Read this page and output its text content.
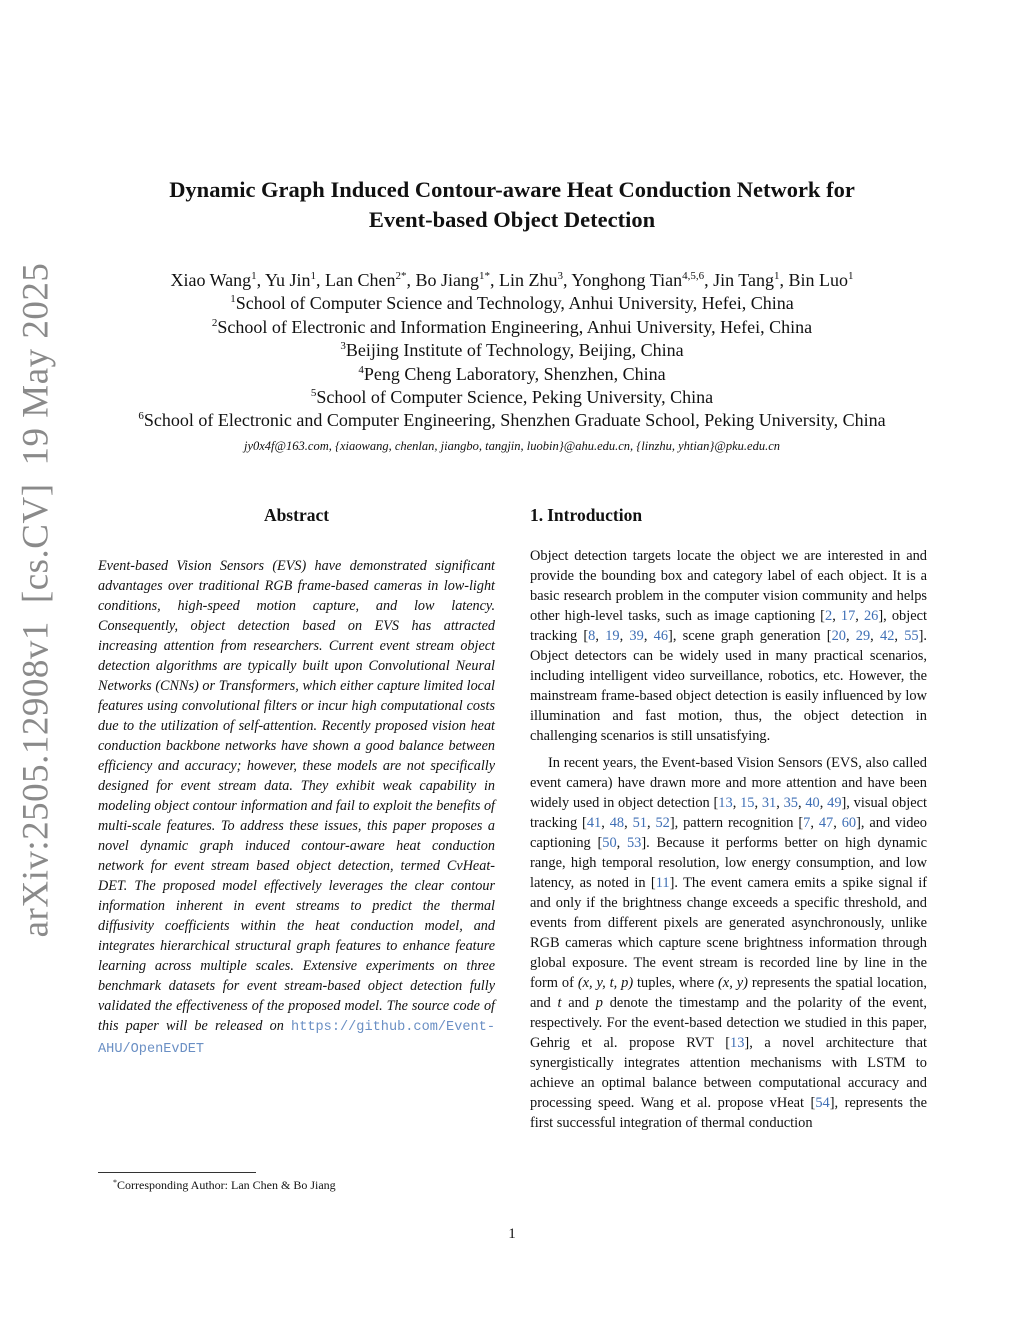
arXiv:2505.12908v1[cs.CV]19 May 2025
Dynamic Graph Induced Contour-aware Heat Conduction Network for
Event-based Object Detection
Xiao Wang$^1$, Yu Jin$^1$, Lan Chen$^{2*}$, Bo Jiang$^{1*}$, Lin Zhu$^3$, Yonghong Tian$^{4,5,6}$, Jin Tang$^1$, Bin Luo$^1$
$^1$School of Computer Science and Technology, Anhui University, Hefei, China
$^2$School of Electronic and Information Engineering, Anhui University, Hefei, China
$^3$Beijing Institute of Technology, Beijing, China
$^4$Peng Cheng Laboratory, Shenzhen, China
$^5$School of Computer Science, Peking University, China
$^6$School of Electronic and Computer Engineering, Shenzhen Graduate School, Peking University, China
jy0x4f@163.com, {xiaowang, chenlan, jiangbo, tangjin, luobin}@ahu.edu.cn, {linzhu, yhtian}@pku.edu.cn
Abstract	1. Introduction
Event-based Vision Sensors (EVS) have demonstrated significant advantages over traditional RGB frame-based cameras in low-light conditions, high-speed motion capture, and low latency. Consequently, object detection based on EVS has attracted increasing attention from researchers. Current event stream object detection algorithms are typically built upon Convolutional Neural Networks (CNNs) or Transformers, which either capture limited local features using convolutional filters or incur high computational costs due to the utilization of self-attention. Recently proposed vision heat conduction backbone networks have shown a good balance between efficiency and accuracy; however, these models are not specifically designed for event stream data. They exhibit weak capability in modeling object contour information and fail to exploit the benefits of multi-scale features. To address these issues, this paper proposes a novel dynamic graph induced contour-aware heat conduction network for event stream based object detection, termed CvHeat-DET. The proposed model effectively leverages the clear contour information inherent in event streams to predict the thermal diffusivity coefficients within the heat conduction model, and integrates hierarchical structural graph features to enhance feature learning across multiple scales. Extensive experiments on three benchmark datasets for event stream-based object detection fully validated the effectiveness of the proposed model. The source code of this paper will be released on https://github.com/Event-AHU/OpenEvDET

Object detection targets locate the object we are interested in and provide the bounding box and category label of each object. It is a basic research problem in the computer vision community and helps other high-level tasks, such as image captioning [2, 17, 26], object tracking [8, 19, 39, 46], scene graph generation [20, 29, 42, 55]. Object detectors can be widely used in many practical scenarios, including intelligent video surveillance, robotics, etc. However, the mainstream frame-based object detection is easily influenced by low illumination and fast motion, thus, the object detection in challenging scenarios is still unsatisfying.

In recent years, the Event-based Vision Sensors (EVS, also called event camera) have drawn more and more attention and have been widely used in object detection [13, 15, 31, 35, 40, 49], visual object tracking [41, 48, 51, 52], pattern recognition [7, 47, 60], and video captioning [50, 53]. Because it performs better on high dynamic range, high temporal resolution, low energy consumption, and low latency, as noted in [11]. The event camera emits a spike signal if and only if the brightness change exceeds a specific threshold, and events from different pixels are generated asynchronously, unlike RGB cameras which capture scene brightness information through global exposure. The event stream is recorded line by line in the form of (x, y, t, p) tuples, where (x, y) represents the spatial location, and t and p denote the timestamp and the polarity of the event, respectively. For the event-based detection we studied in this paper, Gehrig et al. propose RVT [13], a novel architecture that synergistically integrates attention mechanisms with LSTM to achieve an optimal balance between computational accuracy and processing speed. Wang et al. propose vHeat [54], represents the first successful integration of thermal conduction

*Corresponding Author: Lan Chen & Bo Jiang
1
